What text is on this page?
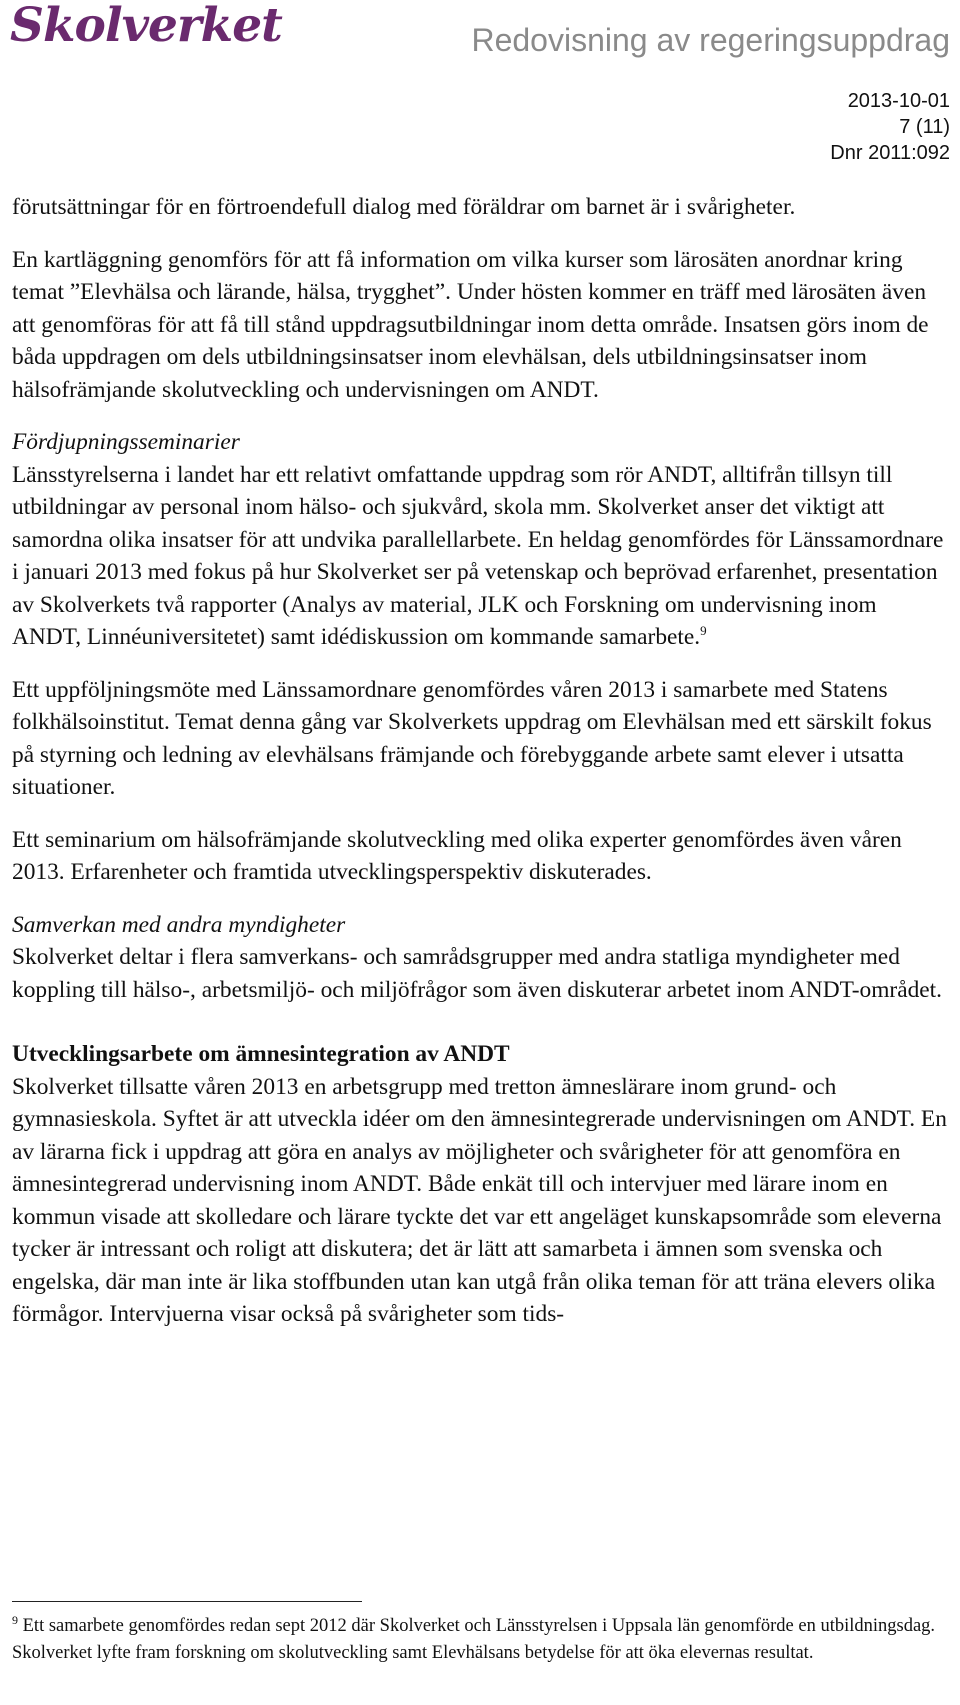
Skolverket	Redovisning av regeringsuppdrag
2013-10-01
7 (11)
Dnr 2011:092

förutsättningar för en förtroendefull dialog med föräldrar om barnet är i svårigheter.

En kartläggning genomförs för att få information om vilka kurser som lärosäten anordnar kring temat ”Elevhälsa och lärande, hälsa, trygghet”. Under hösten kommer en träff med lärosäten även att genomföras för att få till stånd uppdragsutbildningar inom detta område. Insatsen görs inom de båda uppdragen om dels utbildningsinsatser inom elevhälsan, dels utbildningsinsatser inom hälsofrämjande skolutveckling och undervisningen om ANDT.

Fördjupningsseminarier

Länsstyrelserna i landet har ett relativt omfattande uppdrag som rör ANDT, alltifrån tillsyn till utbildningar av personal inom hälso- och sjukvård, skola mm. Skolverket anser det viktigt att samordna olika insatser för att undvika parallellarbete. En heldag genomfördes för Länssamordnare i januari 2013 med fokus på hur Skolverket ser på vetenskap och beprövad erfarenhet, presentation av Skolverkets två rapporter (Analys av material, JLK och Forskning om undervisning inom ANDT, Linnéuniversitetet) samt idédiskussion om kommande samarbete.$^9$

Ett uppföljningsmöte med Länssamordnare genomfördes våren 2013 i samarbete med Statens folkhälsoinstitut. Temat denna gång var Skolverkets uppdrag om Elevhälsan med ett särskilt fokus på styrning och ledning av elevhälsans främjande och förebyggande arbete samt elever i utsatta situationer.

Ett seminarium om hälsofrämjande skolutveckling med olika experter genomfördes även våren 2013. Erfarenheter och framtida utvecklingsperspektiv diskuterades.

Samverkan med andra myndigheter

Skolverket deltar i flera samverkans- och samrådsgrupper med andra statliga myndigheter med koppling till hälso-, arbetsmiljö- och miljöfrågor som även diskuterar arbetet inom ANDT-området.

Utvecklingsarbete om ämnesintegration av ANDT

Skolverket tillsatte våren 2013 en arbetsgrupp med tretton ämneslärare inom grund- och gymnasieskola. Syftet är att utveckla idéer om den ämnesintegrerade undervisningen om ANDT. En av lärarna fick i uppdrag att göra en analys av möjligheter och svårigheter för att genomföra en ämnesintegrerad undervisning inom ANDT. Både enkät till och intervjuer med lärare inom en kommun visade att skolledare och lärare tyckte det var ett angeläget kunskapsområde som eleverna tycker är intressant och roligt att diskutera; det är lätt att samarbeta i ämnen som svenska och engelska, där man inte är lika stoffbunden utan kan utgå från olika teman för att träna elevers olika förmågor. Intervjuerna visar också på svårigheter som tids-

$^9$ Ett samarbete genomfördes redan sept 2012 där Skolverket och Länsstyrelsen i Uppsala län genomförde en utbildningsdag. Skolverket lyfte fram forskning om skolutveckling samt Elevhälsans betydelse för att öka elevernas resultat.
